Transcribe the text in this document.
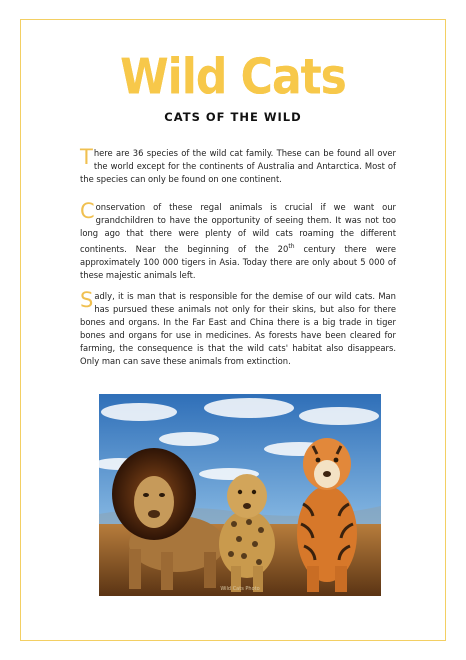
Wild Cats
CATS OF THE WILD
There are 36 species of the wild cat family. These can be found all over the world except for the continents of Australia and Antarctica. Most of the species can only be found on one continent.
Conservation of these regal animals is crucial if we want our grandchildren to have the opportunity of seeing them. It was not too long ago that there were plenty of wild cats roaming the different continents. Near the beginning of the 20th century there were approximately 100 000 tigers in Asia. Today there are only about 5 000 of these majestic animals left.
Sadly, it is man that is responsible for the demise of our wild cats. Man has pursued these animals not only for their skins, but also for there bones and organs. In the Far East and China there is a big trade in tiger bones and organs for use in medicines. As forests have been cleared for farming, the consequence is that the wild cats' habitat also disappears. Only man can save these animals from extinction.
Wild Cats Photo
